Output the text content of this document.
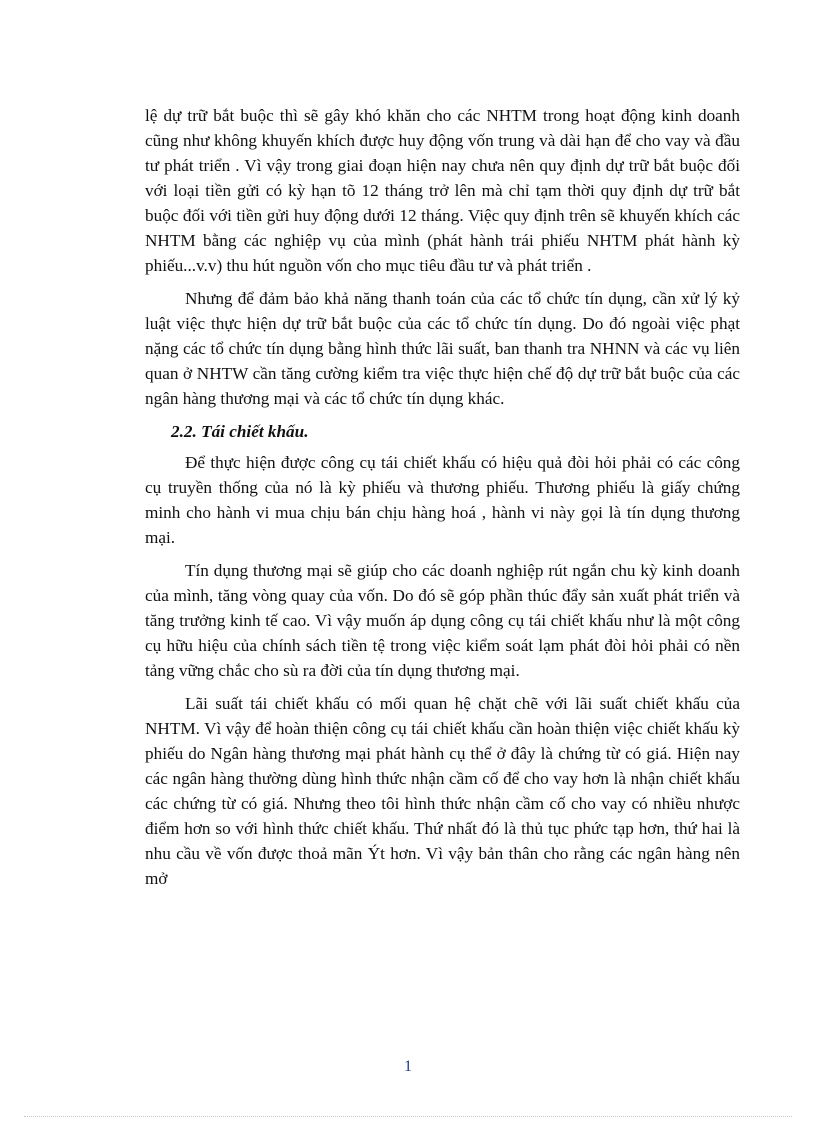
lệ dự trữ bắt buộc thì sẽ gây khó khăn cho các NHTM trong hoạt động kinh doanh cũng như không khuyến khích được huy động vốn trung và dài hạn để cho vay và đầu tư phát triển . Vì vậy trong giai đoạn hiện nay chưa nên quy định dự trữ bắt buộc đối với loại tiền gửi có kỳ hạn tõ 12 tháng trở lên mà chỉ tạm thời quy định dự trữ bắt buộc đối với tiền gửi huy động dưới 12 tháng. Việc quy định trên sẽ khuyến khích các NHTM bằng các nghiệp vụ của mình (phát hành trái phiếu NHTM phát hành kỳ phiếu...v.v) thu hút nguồn vốn cho mục tiêu đầu tư và phát triển .

Nhưng để đảm bảo khả năng thanh toán của các tổ chức tín dụng, cần xử lý kỷ luật việc thực hiện dự trữ bắt buộc của các tổ chức tín dụng. Do đó ngoài việc phạt nặng các tổ chức tín dụng bằng hình thức lãi suất, ban thanh tra NHNN và các vụ liên quan ở NHTW cần tăng cường kiểm tra việc thực hiện chế độ dự trữ bắt buộc của các ngân hàng thương mại và các tổ chức tín dụng khác.

2.2. Tái chiết khấu.

Để thực hiện được công cụ tái chiết khấu có hiệu quả đòi hỏi phải có các công cụ truyền thống của nó là kỳ phiếu và thương phiếu. Thương phiếu là giấy chứng minh cho hành vi mua chịu bán chịu hàng hoá , hành vi này gọi là tín dụng thương mại.

Tín dụng thương mại sẽ giúp cho các doanh nghiệp rút ngắn chu kỳ kinh doanh của mình, tăng vòng quay của vốn. Do đó sẽ góp phần thúc đẩy sản xuất phát triển và tăng trưởng kinh tế cao. Vì vậy muốn áp dụng công cụ tái chiết khấu như là một công cụ hữu hiệu của chính sách tiền tệ trong việc kiểm soát lạm phát đòi hỏi phải có nền tảng vững chắc cho sù ra đời của tín dụng thương mại.

Lãi suất tái chiết khấu có mối quan hệ chặt chẽ với lãi suất chiết khấu của NHTM. Vì vậy để hoàn thiện công cụ tái chiết khấu cần hoàn thiện việc chiết khấu kỳ phiếu do Ngân hàng thương mại phát hành cụ thể ở đây là chứng từ có giá. Hiện nay các ngân hàng thường dùng hình thức nhận cầm cố để cho vay hơn là nhận chiết khấu các chứng từ có giá. Nhưng theo tôi hình thức nhận cầm cố cho vay có nhiều nhược điểm hơn so với hình thức chiết khấu. Thứ nhất đó là thủ tục phức tạp hơn, thứ hai là nhu cầu về vốn được thoả mãn Ýt hơn. Vì vậy bản thân cho rằng các ngân hàng nên mở

1
